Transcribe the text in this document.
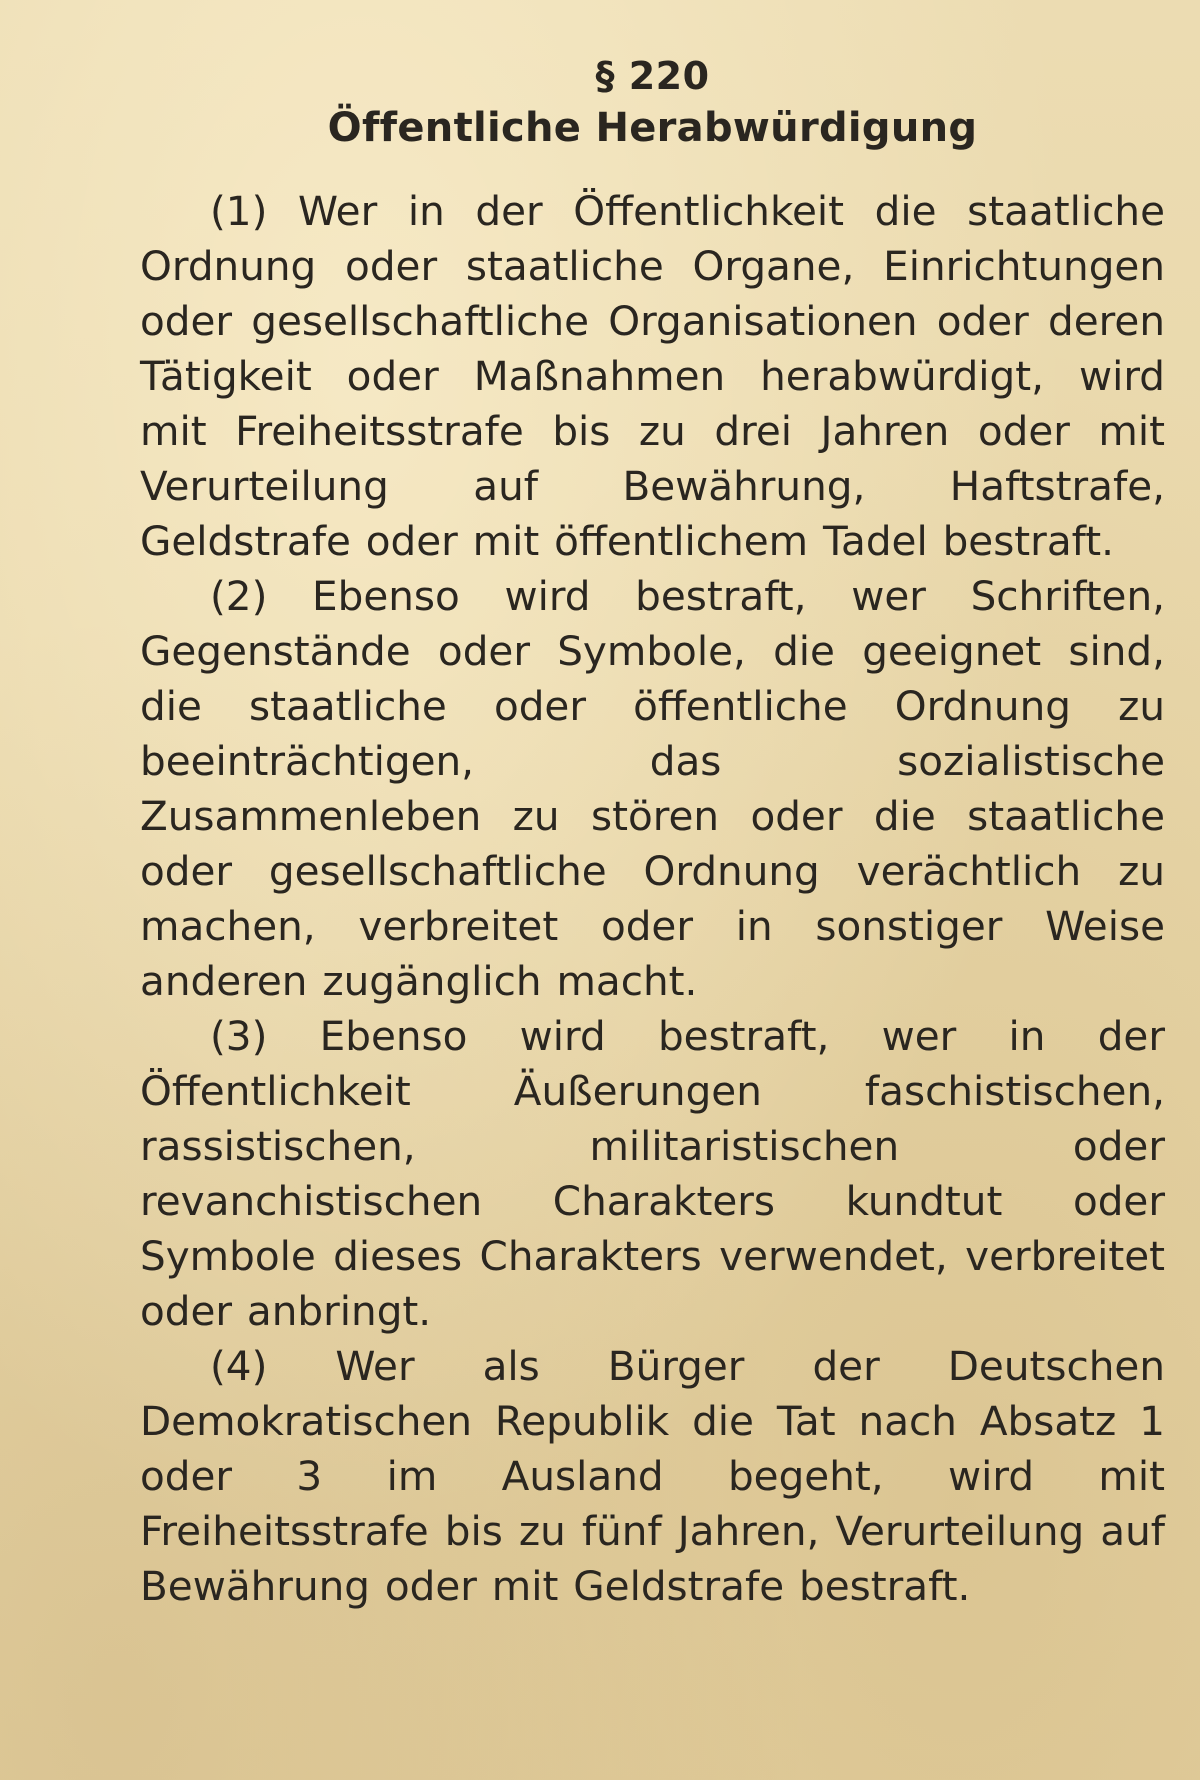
§ 220
Öffentliche Herabwürdigung

(1) Wer in der Öffentlichkeit die staatliche Ordnung oder staatliche Organe, Einrichtungen oder gesellschaftliche Organisationen oder deren Tätigkeit oder Maßnahmen herabwürdigt, wird mit Freiheitsstrafe bis zu drei Jahren oder mit Verurteilung auf Bewährung, Haftstrafe, Geldstrafe oder mit öffentlichem Tadel bestraft.

(2) Ebenso wird bestraft, wer Schriften, Gegenstände oder Symbole, die geeignet sind, die staatliche oder öffentliche Ordnung zu beeinträchtigen, das sozialistische Zusammenleben zu stören oder die staatliche oder gesellschaftliche Ordnung verächtlich zu machen, verbreitet oder in sonstiger Weise anderen zugänglich macht.

(3) Ebenso wird bestraft, wer in der Öffentlichkeit Äußerungen faschistischen, rassistischen, militaristischen oder revanchistischen Charakters kundtut oder Symbole dieses Charakters verwendet, verbreitet oder anbringt.

(4) Wer als Bürger der Deutschen Demokratischen Republik die Tat nach Absatz 1 oder 3 im Ausland begeht, wird mit Freiheitsstrafe bis zu fünf Jahren, Verurteilung auf Bewährung oder mit Geldstrafe bestraft.
